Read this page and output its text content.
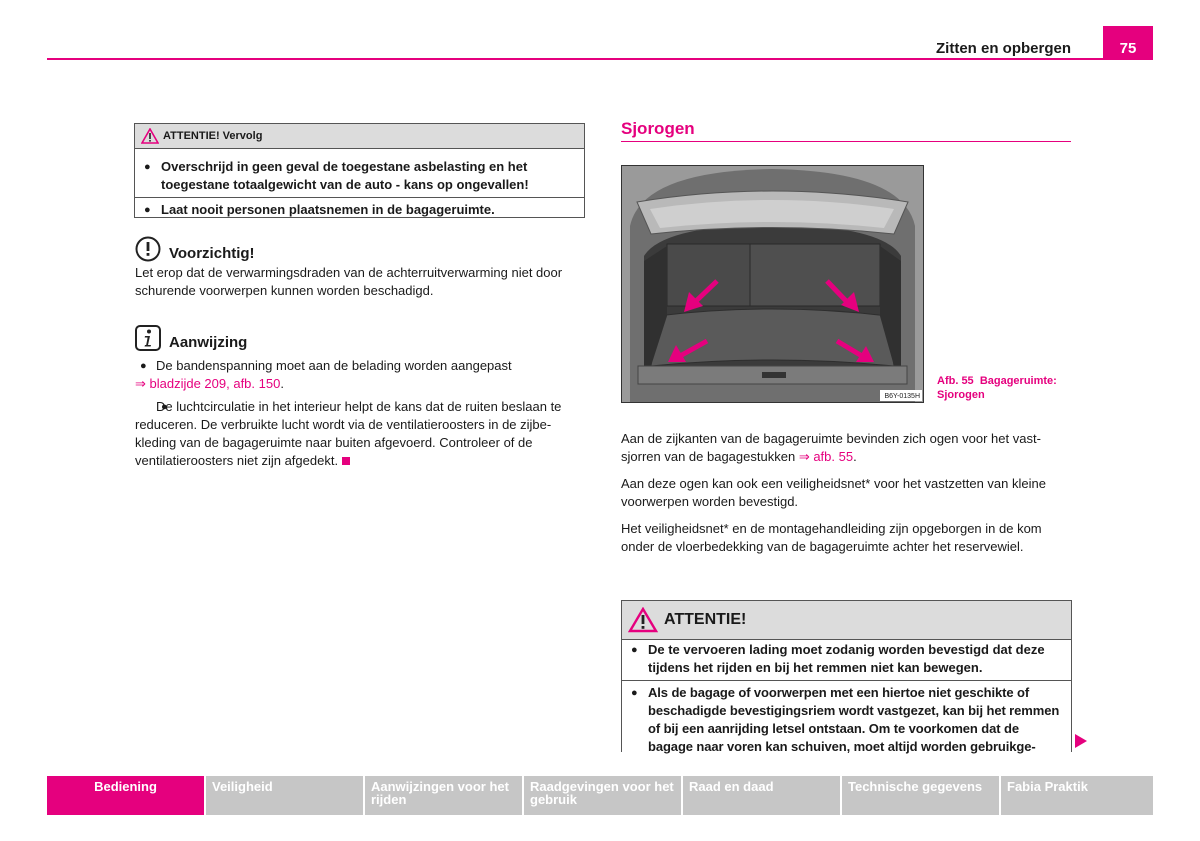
Zitten en opbergen	75
ATTENTIE! Vervolg
● Overschrijd in geen geval de toegestane asbelasting en het toegestane totaalgewicht van de auto - kans op ongevallen!
● Laat nooit personen plaatsnemen in de bagageruimte.
Voorzichtig!

Let erop dat de verwarmingsdraden van de achterruitverwarming niet door schurende voorwerpen kunnen worden beschadigd.

Aanwijzing
● De bandenspanning moet aan de belading worden aangepast
⇒ bladzijde 209, afb. 150.
● De luchtcirculatie in het interieur helpt de kans dat de ruiten beslaan te reduceren. De verbruikte lucht wordt via de ventilatieroosters in de zijbekleding van de bagageruimte naar buiten afgevoerd. Controleer of de ventilatieroosters niet zijn afgedekt.
Sjorogen
B6Y-0135H
Afb. 55 Bagageruimte: Sjorogen

Aan de zijkanten van de bagageruimte bevinden zich ogen voor het vastsjorren van de bagagestukken ⇒ afb. 55.

Aan deze ogen kan ook een veiligheidsnet* voor het vastzetten van kleine voorwerpen worden bevestigd.

Het veiligheidsnet* en de montagehandleiding zijn opgeborgen in de kom onder de vloerbedekking van de bagageruimte achter het reservewiel.

ATTENTIE!
● De te vervoeren lading moet zodanig worden bevestigd dat deze tijdens het rijden en bij het remmen niet kan bewegen.
● Als de bagage of voorwerpen met een hiertoe niet geschikte of beschadigde bevestigingsriem wordt vastgezet, kan bij het remmen of bij een aanrijding letsel ontstaan. Om te voorkomen dat de bagage naar voren kan schuiven, moet altijd worden gebruikge-
Bediening	Veiligheid	Aanwijzingen voor het rijden
Raadgevingen voor het gebruik
Raad en daad	Technische gegevens	Fabia Praktik
